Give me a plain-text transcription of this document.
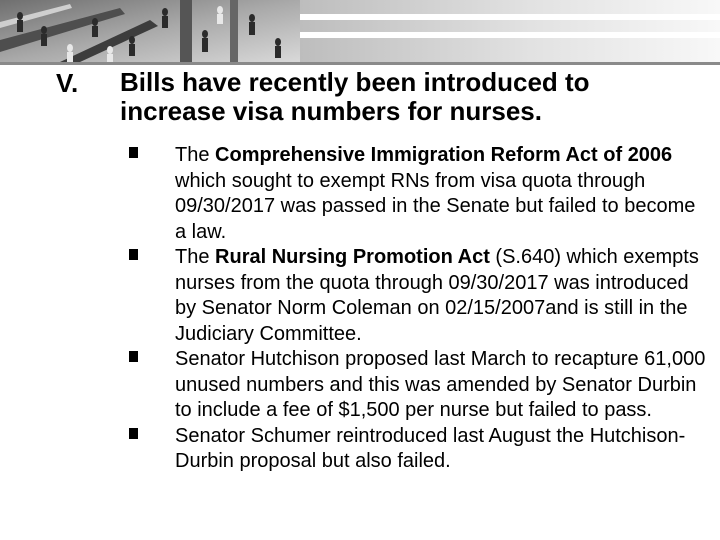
V. Bills have recently been introduced to increase visa numbers for nurses.

The Comprehensive Immigration Reform Act of 2006 which sought to exempt RNs from visa quota through 09/30/2017 was passed in the Senate but failed to become a law.
The Rural Nursing Promotion Act (S.640) which exempts nurses from the quota through 09/30/2017 was introduced by Senator Norm Coleman on 02/15/2007and is still in the Judiciary Committee.
Senator Hutchison proposed last March to recapture 61,000 unused numbers and this was amended by Senator Durbin to include a fee of $1,500 per nurse but failed to pass.
Senator Schumer reintroduced last August the Hutchison-Durbin proposal but also failed.
